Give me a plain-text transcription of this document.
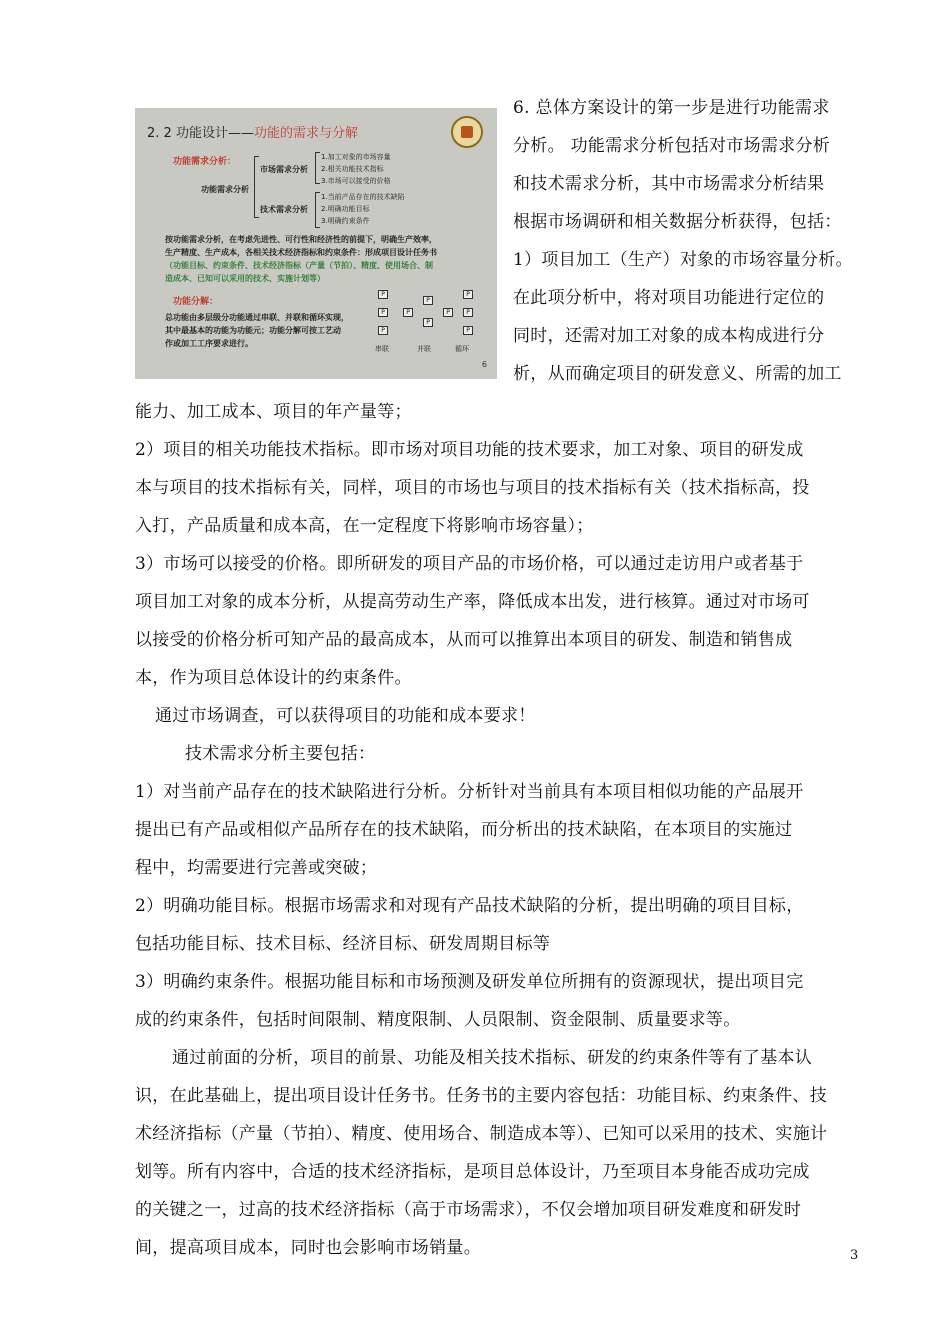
2. 2 功能设计——功能的需求与分解
功能需求分析：
功能需求分析
市场需求分析
技术需求分析
1.加工对象的市场容量
2.相关功能技术指标
3.市场可以接受的价格
1.当前产品存在的技术缺陷
2.明确功能目标
3.明确约束条件
按功能需求分析，在考虑先进性、可行性和经济性的前提下，明确生产效率，
生产精度、生产成本，各相关技术经济指标和约束条件：形成项目设计任务书
（功能目标、约束条件、技术经济指标（产量（节拍）、精度、使用场合、制
造成本、已知可以采用的技术、实施计划等）
功能分解：
总功能由多层级分功能通过串联、并联和循环实现，
其中最基本的功能为功能元；功能分解可按工艺动
作或加工工序要求进行。
P
P
P
串联
P
P
P
P
并联
P
P
P
循环
6
6. 总体方案设计的第一步是进行功能需求
分析。 功能需求分析包括对市场需求分析
和技术需求分析，其中市场需求分析结果
根据市场调研和相关数据分析获得，包括：
1）项目加工（生产）对象的市场容量分析。
在此项分析中，将对项目功能进行定位的
同时，还需对加工对象的成本构成进行分
析，从而确定项目的研发意义、所需的加工
能力、加工成本、项目的年产量等；
2）项目的相关功能技术指标。即市场对项目功能的技术要求，加工对象、项目的研发成
本与项目的技术指标有关，同样，项目的市场也与项目的技术指标有关（技术指标高，投
入打，产品质量和成本高，在一定程度下将影响市场容量）；
3）市场可以接受的价格。即所研发的项目产品的市场价格，可以通过走访用户或者基于
项目加工对象的成本分析，从提高劳动生产率，降低成本出发，进行核算。通过对市场可
以接受的价格分析可知产品的最高成本，从而可以推算出本项目的研发、制造和销售成
本，作为项目总体设计的约束条件。
通过市场调查，可以获得项目的功能和成本要求！
技术需求分析主要包括：
1）对当前产品存在的技术缺陷进行分析。分析针对当前具有本项目相似功能的产品展开
提出已有产品或相似产品所存在的技术缺陷，而分析出的技术缺陷，在本项目的实施过
程中，均需要进行完善或突破；
2）明确功能目标。根据市场需求和对现有产品技术缺陷的分析，提出明确的项目目标，
包括功能目标、技术目标、经济目标、研发周期目标等
3）明确约束条件。根据功能目标和市场预测及研发单位所拥有的资源现状，提出项目完
成的约束条件，包括时间限制、精度限制、人员限制、资金限制、质量要求等。
通过前面的分析，项目的前景、功能及相关技术指标、研发的约束条件等有了基本认
识，在此基础上，提出项目设计任务书。任务书的主要内容包括：功能目标、约束条件、技
术经济指标（产量（节拍）、精度、使用场合、制造成本等）、已知可以采用的技术、实施计
划等。所有内容中，合适的技术经济指标，是项目总体设计，乃至项目本身能否成功完成
的关键之一，过高的技术经济指标（高于市场需求），不仅会增加项目研发难度和研发时
间，提高项目成本，同时也会影响市场销量。	3
